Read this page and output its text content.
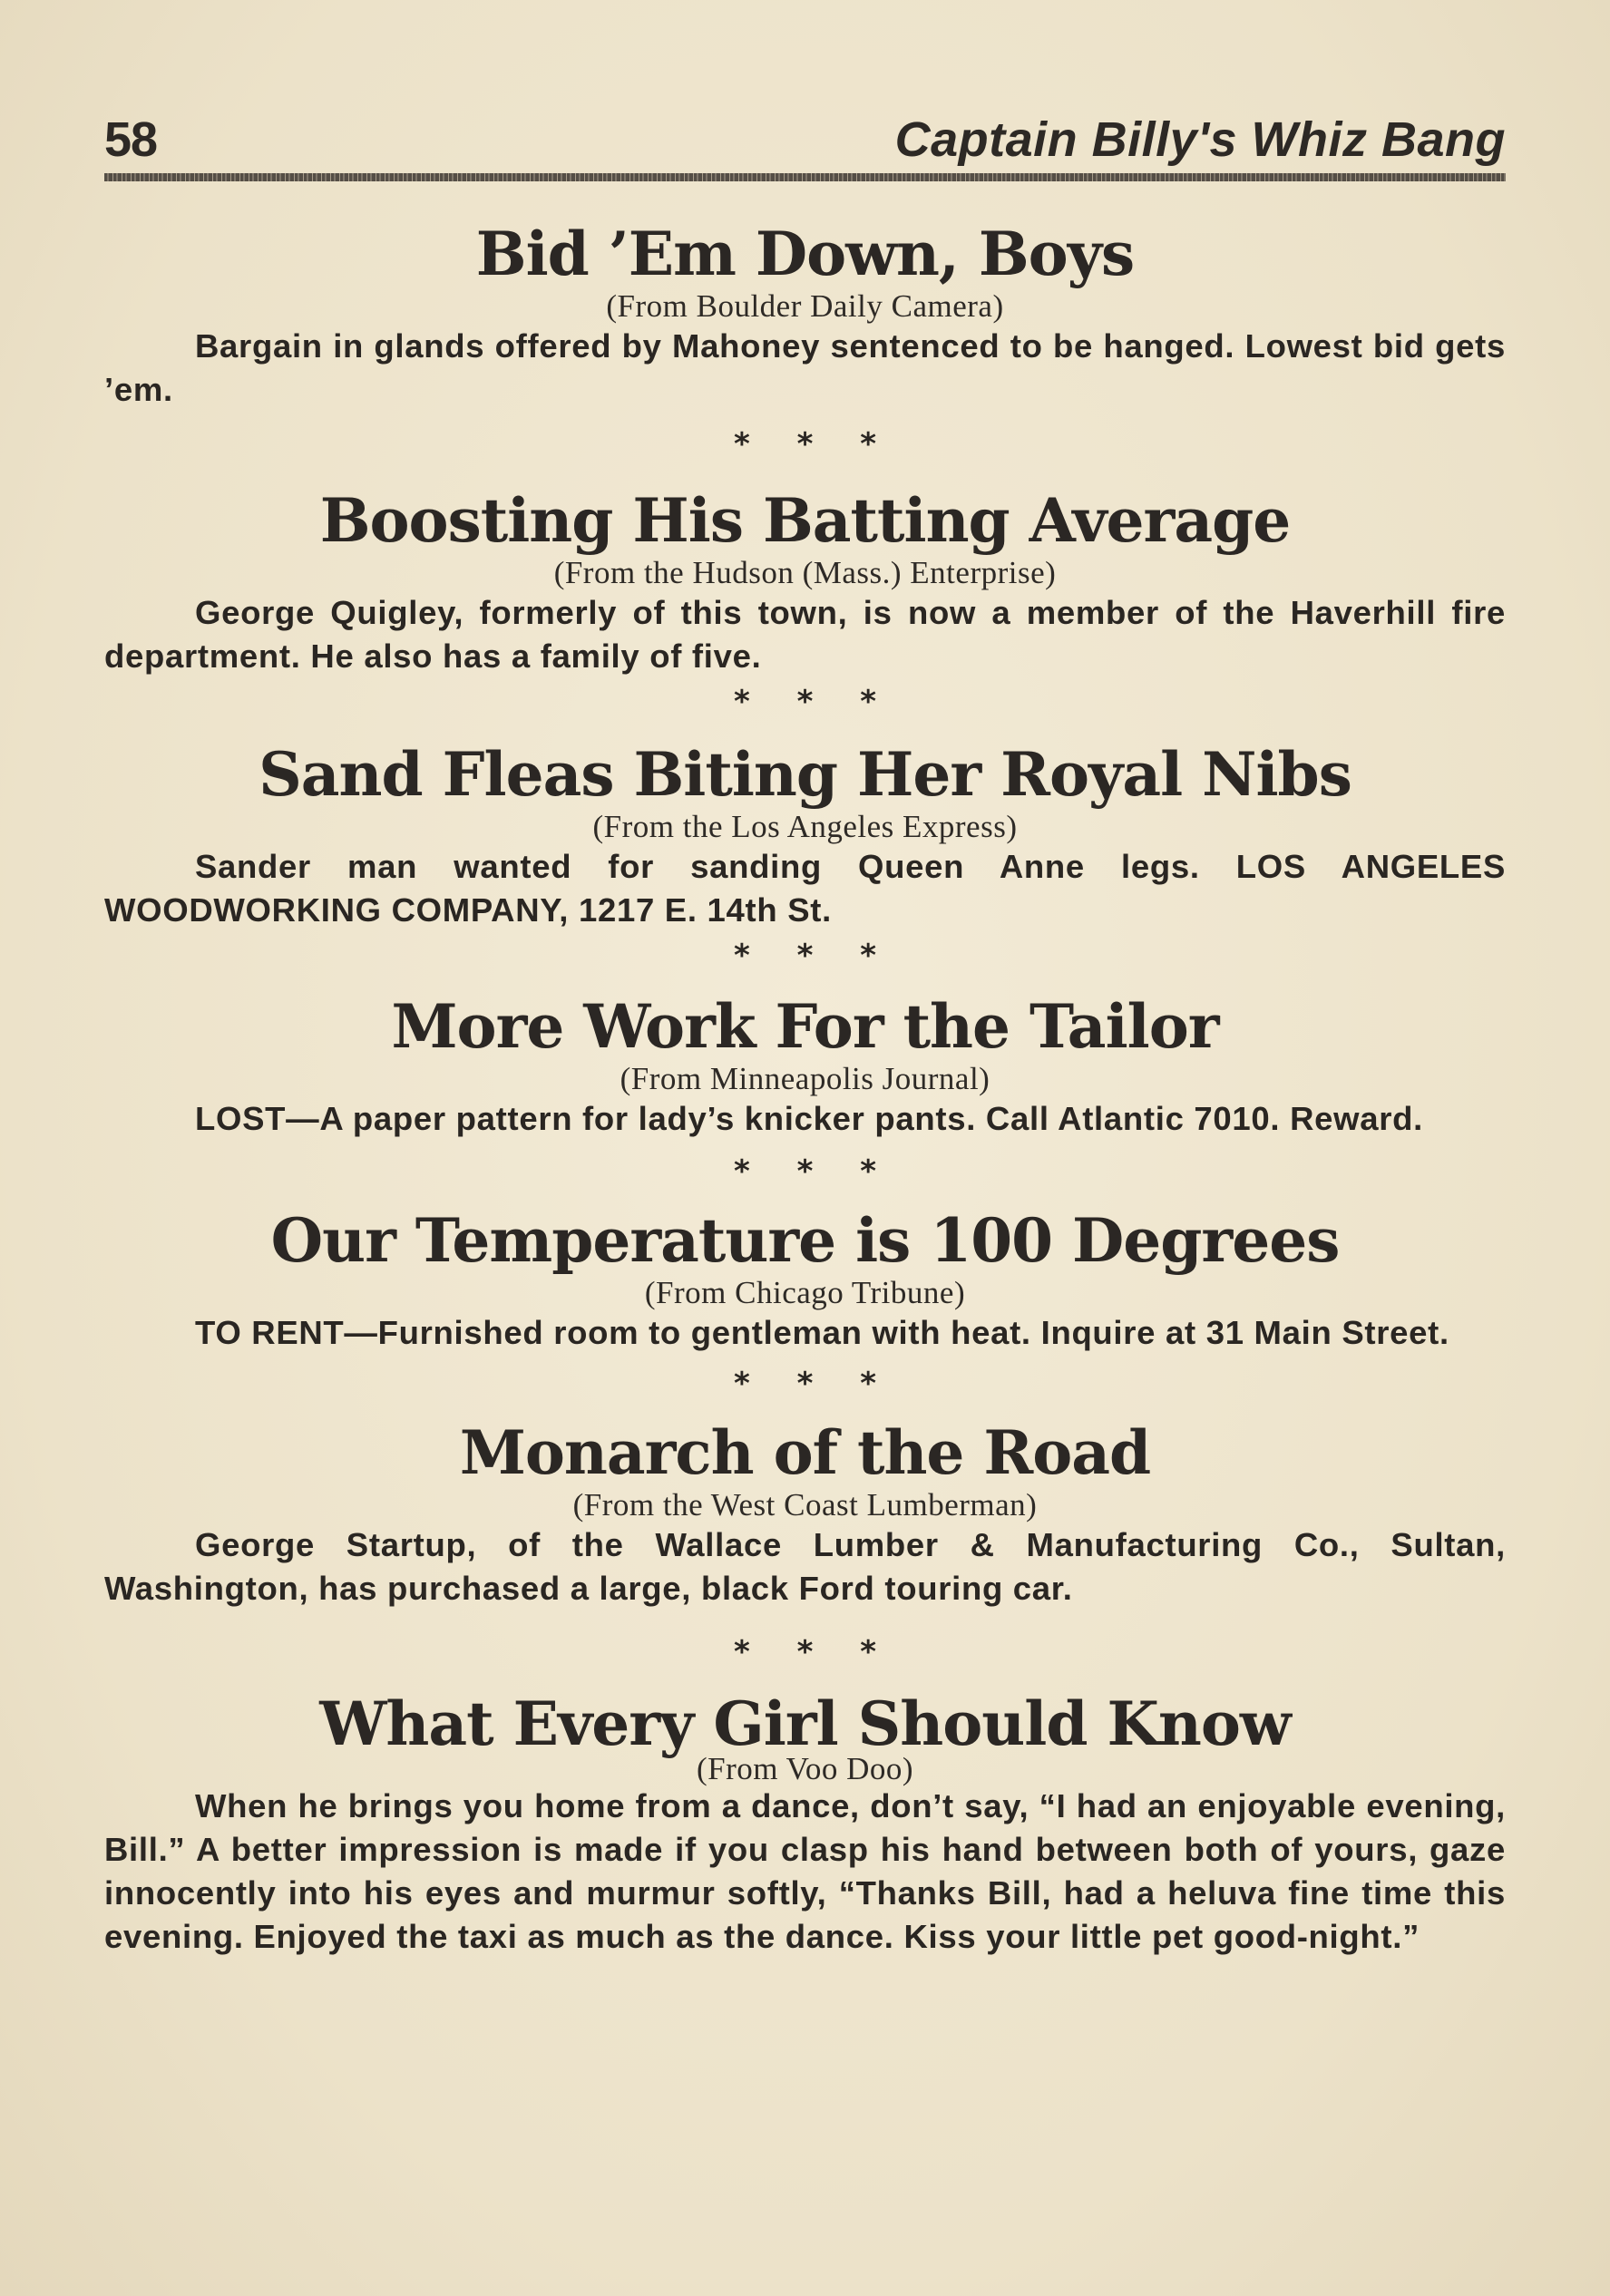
58	Captain Billy's Whiz Bang
Bid ’Em Down, Boys
(From Boulder Daily Camera)

Bargain in glands offered by Mahoney sentenced to be hanged. Lowest bid gets ’em.

* * *
Boosting His Batting Average
(From the Hudson (Mass.) Enterprise)

George Quigley, formerly of this town, is now a member of the Haverhill fire department. He also has a family of five.

* * *
Sand Fleas Biting Her Royal Nibs
(From the Los Angeles Express)

Sander man wanted for sanding Queen Anne legs. LOS ANGELES WOODWORKING COMPANY, 1217 E. 14th St.

* * *
More Work For the Tailor
(From Minneapolis Journal)

LOST—A paper pattern for lady’s knicker pants. Call Atlantic 7010. Reward.

* * *
Our Temperature is 100 Degrees
(From Chicago Tribune)

TO RENT—Furnished room to gentleman with heat. Inquire at 31 Main Street.

* * *
Monarch of the Road
(From the West Coast Lumberman)

George Startup, of the Wallace Lumber & Manufacturing Co., Sultan, Washington, has purchased a large, black Ford touring car.

* * *
What Every Girl Should Know
(From Voo Doo)

When he brings you home from a dance, don’t say, “I had an enjoyable evening, Bill.” A better impression is made if you clasp his hand between both of yours, gaze innocently into his eyes and murmur softly, “Thanks Bill, had a heluva fine time this evening. Enjoyed the taxi as much as the dance. Kiss your little pet good-night.”
